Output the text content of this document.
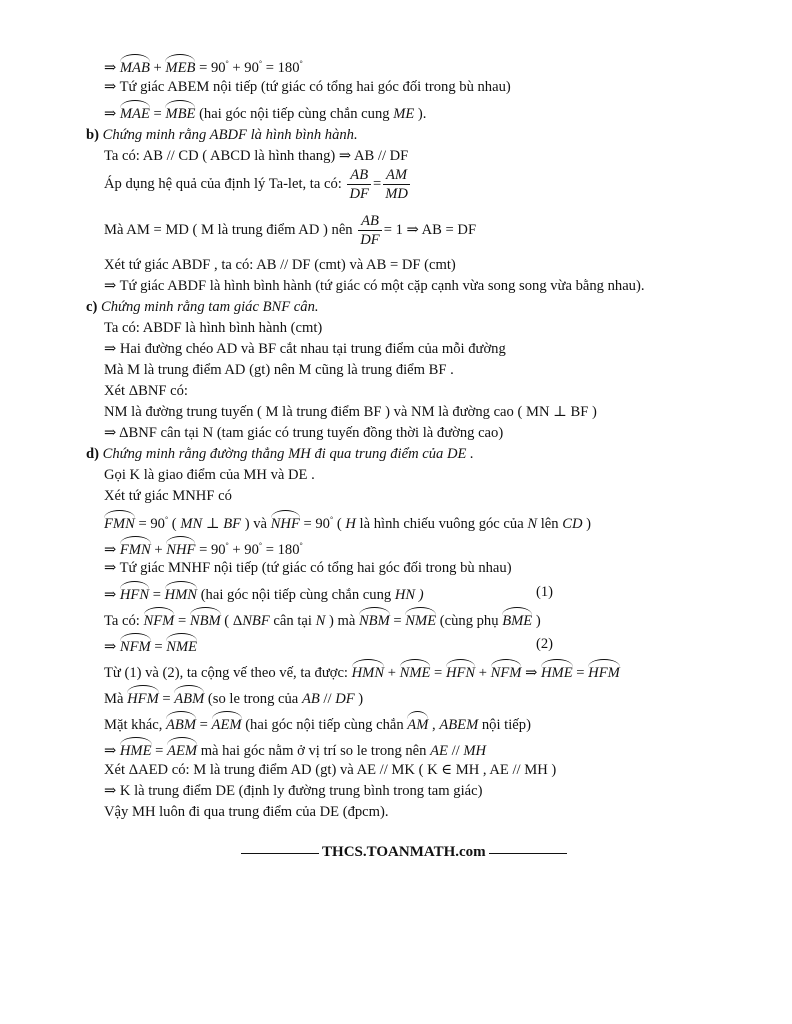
⇒ MAB + MEB = 90° + 90° = 180°
⇒ Tứ giác ABEM nội tiếp (tứ giác có tổng hai góc đối trong bù nhau)
⇒ MAE = MBE (hai góc nội tiếp cùng chắn cung ME ).
b) Chứng minh rằng ABDF là hình bình hành.
Ta có: AB // CD ( ABCD là hình thang) ⇒ AB // DF
Áp dụng hệ quả của định lý Ta-let, ta có: $\frac{AB}{DF} = \frac{AM}{MD}$
Mà AM = MD ( M là trung điểm AD ) nên $\frac{AB}{DF} = 1$ ⇒ AB = DF
Xét tứ giác ABDF , ta có: AB // DF (cmt) và AB = DF (cmt)
⇒ Tứ giác ABDF là hình bình hành (tứ giác có một cặp cạnh vừa song song vừa bằng nhau).
c) Chứng minh rằng tam giác BNF cân.
Ta có: ABDF là hình bình hành (cmt)
⇒ Hai đường chéo AD và BF cắt nhau tại trung điểm của mỗi đường
Mà M là trung điểm AD (gt) nên M cũng là trung điểm BF .
Xét ΔBNF có:
NM là đường trung tuyến ( M là trung điểm BF ) và NM là đường cao ( MN ⊥ BF )
⇒ ΔBNF cân tại N (tam giác có trung tuyến đồng thời là đường cao)
d) Chứng minh rằng đường thẳng MH đi qua trung điểm của DE .
Gọi K là giao điểm của MH và DE .
Xét tứ giác MNHF có
FMN = 90° ( MN ⊥ BF ) và NHF = 90° ( H là hình chiếu vuông góc của N lên CD )
⇒ FMN + NHF = 90° + 90° = 180°
⇒ Tứ giác MNHF nội tiếp (tứ giác có tổng hai góc đối trong bù nhau)
⇒ HFN = HMN (hai góc nội tiếp cùng chắn cung HN )	(1)
Ta có: NFM = NBM ( ΔNBF cân tại N ) mà NBM = NME (cùng phụ BME )
⇒ NFM = NME	(2)
Từ (1) và (2), ta cộng vế theo vế, ta được: HMN + NME = HFN + NFM ⇒ HME = HFM
Mà HFM = ABM (so le trong của AB // DF )
Mặt khác, ABM = AEM (hai góc nội tiếp cùng chắn AM , ABEM nội tiếp)
⇒ HME = AEM mà hai góc nằm ở vị trí so le trong nên AE // MH
Xét ΔAED có: M là trung điểm AD (gt) và AE // MK ( K ∈ MH , AE // MH )
⇒ K là trung điểm DE (định ly đường trung bình trong tam giác)
Vậy MH luôn đi qua trung điểm của DE (đpcm).
THCS.TOANMATH.com
